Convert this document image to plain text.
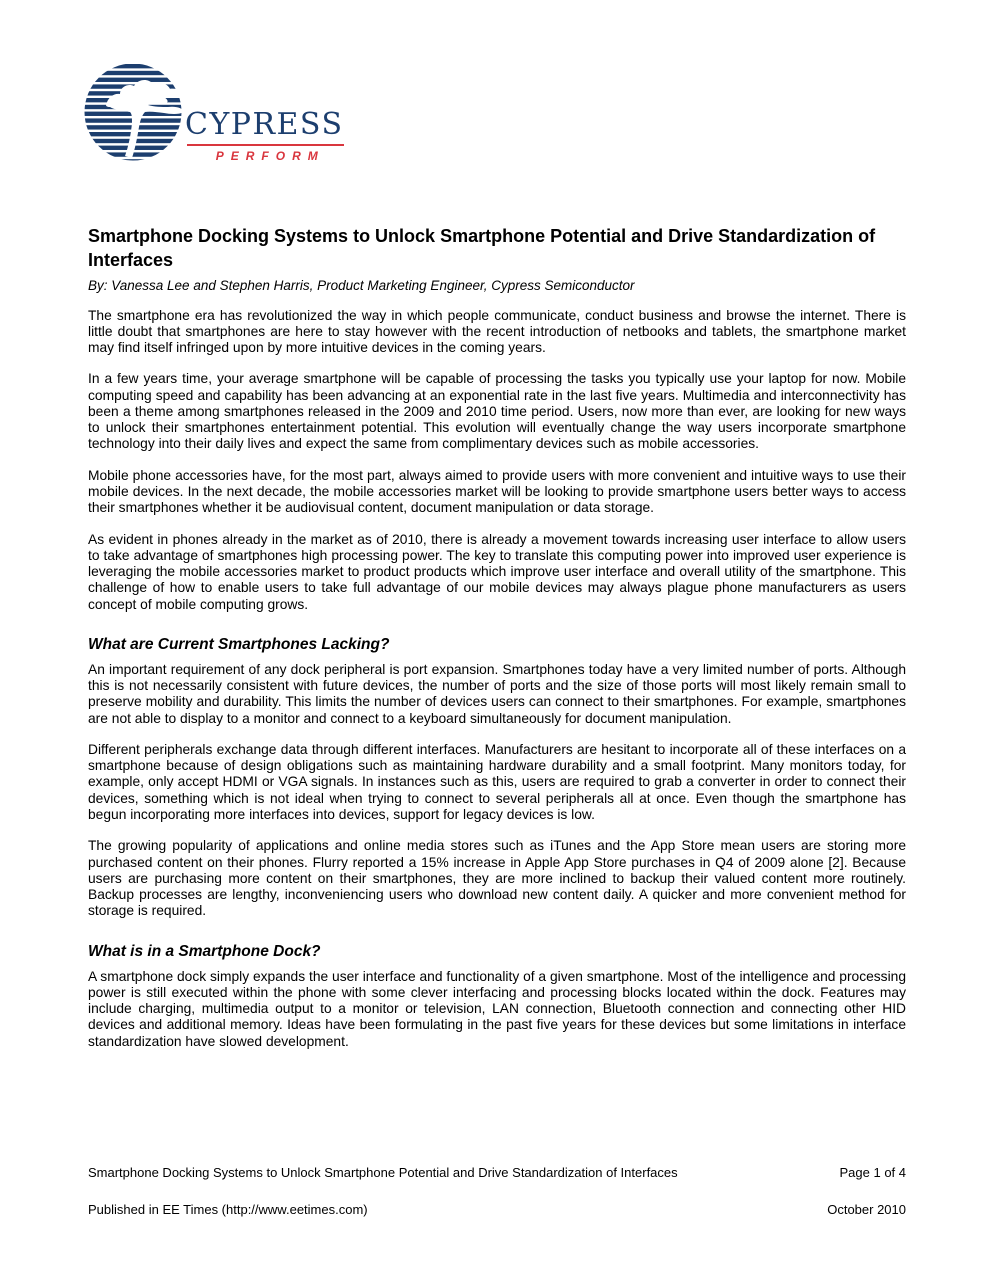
CYPRESS
PERFORM
Smartphone Docking Systems to Unlock Smartphone Potential and Drive Standardization of Interfaces

By: Vanessa Lee and Stephen Harris, Product Marketing Engineer, Cypress Semiconductor

The smartphone era has revolutionized the way in which people communicate, conduct business and browse the internet. There is little doubt that smartphones are here to stay however with the recent introduction of netbooks and tablets, the smartphone market may find itself infringed upon by more intuitive devices in the coming years.

In a few years time, your average smartphone will be capable of processing the tasks you typically use your laptop for now. Mobile computing speed and capability has been advancing at an exponential rate in the last five years. Multimedia and interconnectivity has been a theme among smartphones released in the 2009 and 2010 time period. Users, now more than ever, are looking for new ways to unlock their smartphones entertainment potential. This evolution will eventually change the way users incorporate smartphone technology into their daily lives and expect the same from complimentary devices such as mobile accessories.

Mobile phone accessories have, for the most part, always aimed to provide users with more convenient and intuitive ways to use their mobile devices. In the next decade, the mobile accessories market will be looking to provide smartphone users better ways to access their smartphones whether it be audiovisual content, document manipulation or data storage.

As evident in phones already in the market as of 2010, there is already a movement towards increasing user interface to allow users to take advantage of smartphones high processing power. The key to translate this computing power into improved user experience is leveraging the mobile accessories market to product products which improve user interface and overall utility of the smartphone. This challenge of how to enable users to take full advantage of our mobile devices may always plague phone manufacturers as users concept of mobile computing grows.

What are Current Smartphones Lacking?

An important requirement of any dock peripheral is port expansion. Smartphones today have a very limited number of ports. Although this is not necessarily consistent with future devices, the number of ports and the size of those ports will most likely remain small to preserve mobility and durability. This limits the number of devices users can connect to their smartphones. For example, smartphones are not able to display to a monitor and connect to a keyboard simultaneously for document manipulation.

Different peripherals exchange data through different interfaces. Manufacturers are hesitant to incorporate all of these interfaces on a smartphone because of design obligations such as maintaining hardware durability and a small footprint. Many monitors today, for example, only accept HDMI or VGA signals. In instances such as this, users are required to grab a converter in order to connect their devices, something which is not ideal when trying to connect to several peripherals all at once. Even though the smartphone has begun incorporating more interfaces into devices, support for legacy devices is low.

The growing popularity of applications and online media stores such as iTunes and the App Store mean users are storing more purchased content on their phones. Flurry reported a 15% increase in Apple App Store purchases in Q4 of 2009 alone [2]. Because users are purchasing more content on their smartphones, they are more inclined to backup their valued content more routinely. Backup processes are lengthy, inconveniencing users who download new content daily. A quicker and more convenient method for storage is required.

What is in a Smartphone Dock?

A smartphone dock simply expands the user interface and functionality of a given smartphone. Most of the intelligence and processing power is still executed within the phone with some clever interfacing and processing blocks located within the dock. Features may include charging, multimedia output to a monitor or television, LAN connection, Bluetooth connection and connecting other HID devices and additional memory. Ideas have been formulating in the past five years for these devices but some limitations in interface standardization have slowed development.

Smartphone Docking Systems to Unlock Smartphone Potential and Drive Standardization of Interfaces	Page 1 of 4
Published in EE Times (http://www.eetimes.com)	October 2010
